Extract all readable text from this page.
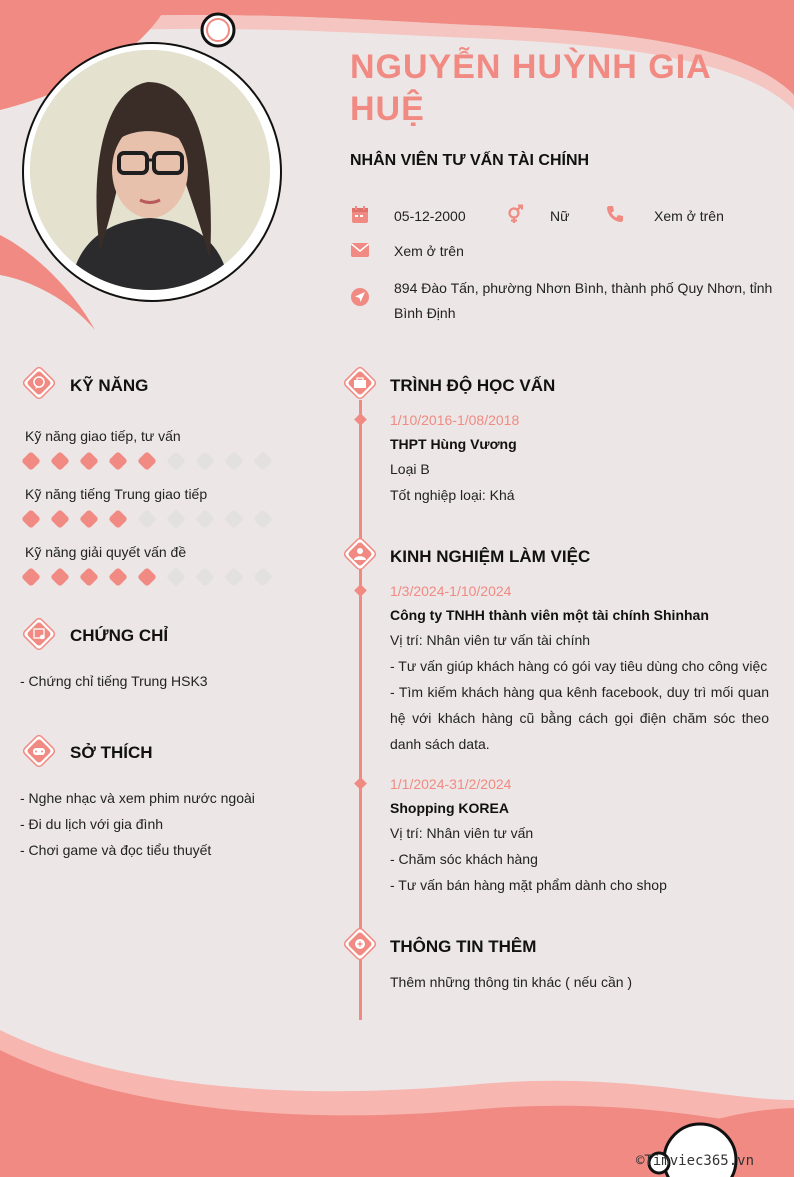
NGUYỄN HUỲNH GIA HUỆ
NHÂN VIÊN TƯ VẤN TÀI CHÍNH
05-12-2000	Nữ	Xem ở trên
Xem ở trên
894 Đào Tấn, phường Nhơn Bình, thành phố Quy Nhơn, tỉnh Bình Định
KỸ NĂNG
Kỹ năng giao tiếp, tư vấn
Kỹ năng tiếng Trung giao tiếp
Kỹ năng giải quyết vấn đề
CHỨNG CHỈ
- Chứng chỉ tiếng Trung HSK3
SỞ THÍCH
- Nghe nhạc và xem phim nước ngoài
- Đi du lịch với gia đình
- Chơi game và đọc tiểu thuyết
TRÌNH ĐỘ HỌC VẤN
1/10/2016-1/08/2018
THPT Hùng Vương
Loại B
Tốt nghiệp loại: Khá
KINH NGHIỆM LÀM VIỆC
1/3/2024-1/10/2024
Công ty TNHH thành viên một tài chính Shinhan
Vị trí: Nhân viên tư vấn tài chính
- Tư vấn giúp khách hàng có gói vay tiêu dùng cho công việc
- Tìm kiếm khách hàng qua kênh facebook, duy trì mối quan hệ với khách hàng cũ bằng cách gọi điện chăm sóc theo danh sách data.
1/1/2024-31/2/2024
Shopping KOREA
Vị trí: Nhân viên tư vấn
- Chăm sóc khách hàng
- Tư vấn bán hàng mặt phẩm dành cho shop
THÔNG TIN THÊM
Thêm những thông tin khác ( nếu cần )
©Timviec365.vn
